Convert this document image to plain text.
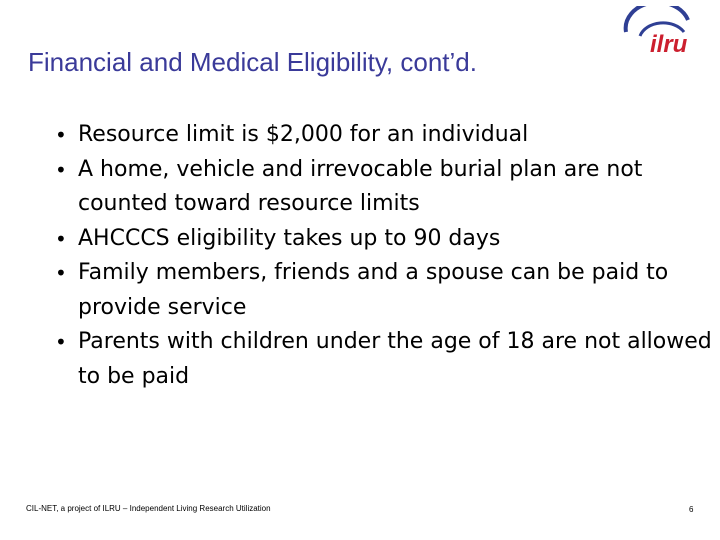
Financial and Medical Eligibility, cont’d.
ilru
• Resource limit is $2,000 for an individual
• A home, vehicle and irrevocable burial plan are not counted toward resource limits
• AHCCCS eligibility takes up to 90 days
• Family members, friends and a spouse can be paid to provide service
• Parents with children under the age of 18 are not allowed to be paid
CIL-NET, a project of ILRU – Independent Living Research Utilization	6
